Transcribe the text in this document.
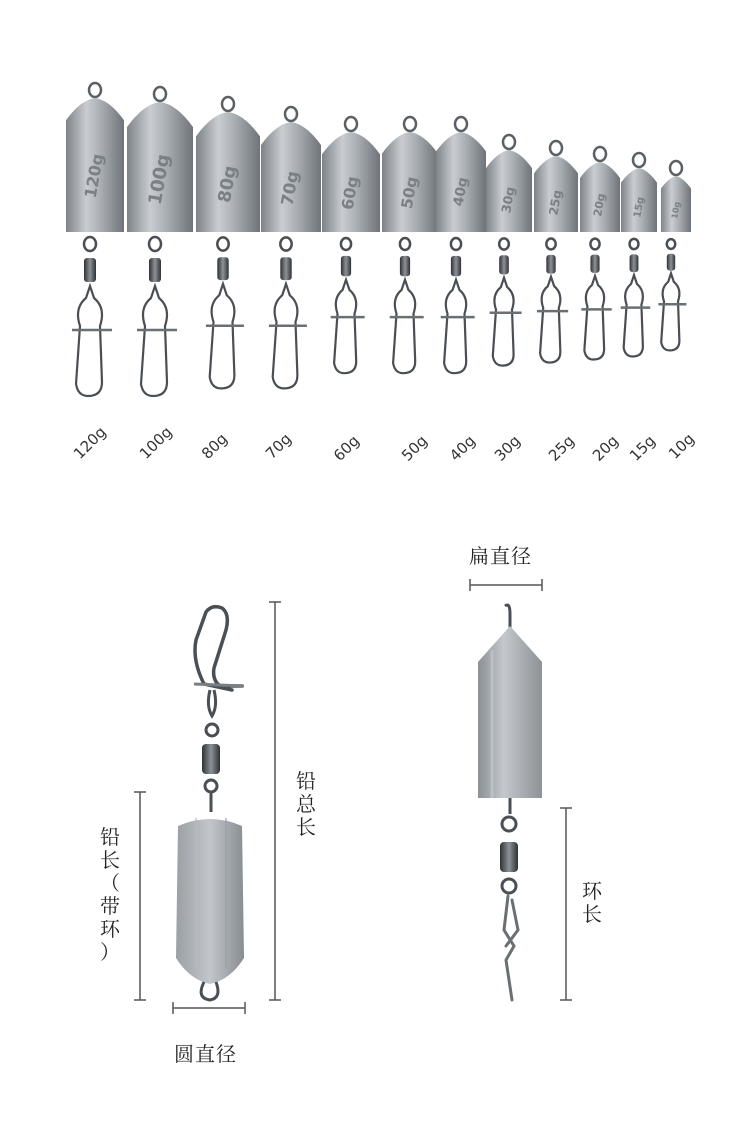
120g 100g 80g 70g 60g 50g 40g 30g 25g 20g 15g	10g
120g 100g 80g 70g 60g 50g 40g 30g 25g 20g 15g 10g
扁直径
圆直径
铅
总
长
铅
长
（
带
环
）
环
长
